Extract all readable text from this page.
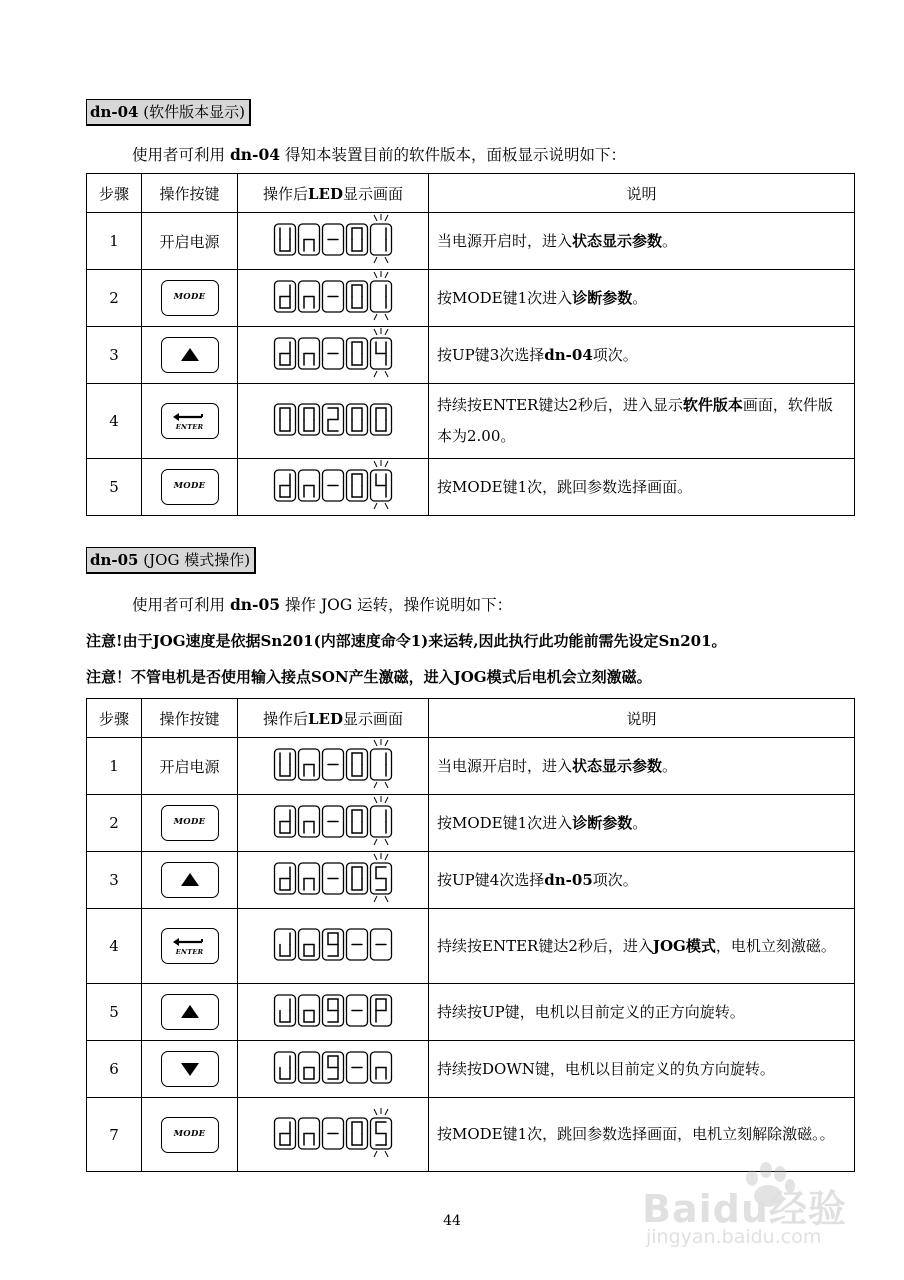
dn-04 (软件版本显示)
使用者可利用 dn-04 得知本装置目前的软件版本，面板显示说明如下：
步骤	操作按键	操作后LED显示画面	说明
1	开启电源		当电源开启时，进入状态显示参数。
2	MODE		按MODE键1次进入诊断参数。
3			按UP键3次选择dn-04项次。
4	ENTER		持续按ENTER键达2秒后，进入显示软件版本画面，软件版本为2.00。
5	MODE		按MODE键1次，跳回参数选择画面。
dn-05 (JOG 模式操作)
使用者可利用 dn-05 操作 JOG 运转，操作说明如下：
注意!由于JOG速度是依据Sn201(内部速度命令1)来运转,因此执行此功能前需先设定Sn201。
注意！不管电机是否使用输入接点SON产生激磁，进入JOG模式后电机会立刻激磁。
步骤	操作按键	操作后LED显示画面	说明
1	开启电源		当电源开启时，进入状态显示参数。
2	MODE		按MODE键1次进入诊断参数。
3			按UP键4次选择dn-05项次。
4	ENTER		持续按ENTER键达2秒后，进入JOG模式，电机立刻激磁。
5			持续按UP键，电机以目前定义的正方向旋转。
6			持续按DOWN键，电机以目前定义的负方向旋转。
7	MODE		按MODE键1次，跳回参数选择画面，电机立刻解除激磁。。
44	Baidu经验
jingyan.baidu.com
